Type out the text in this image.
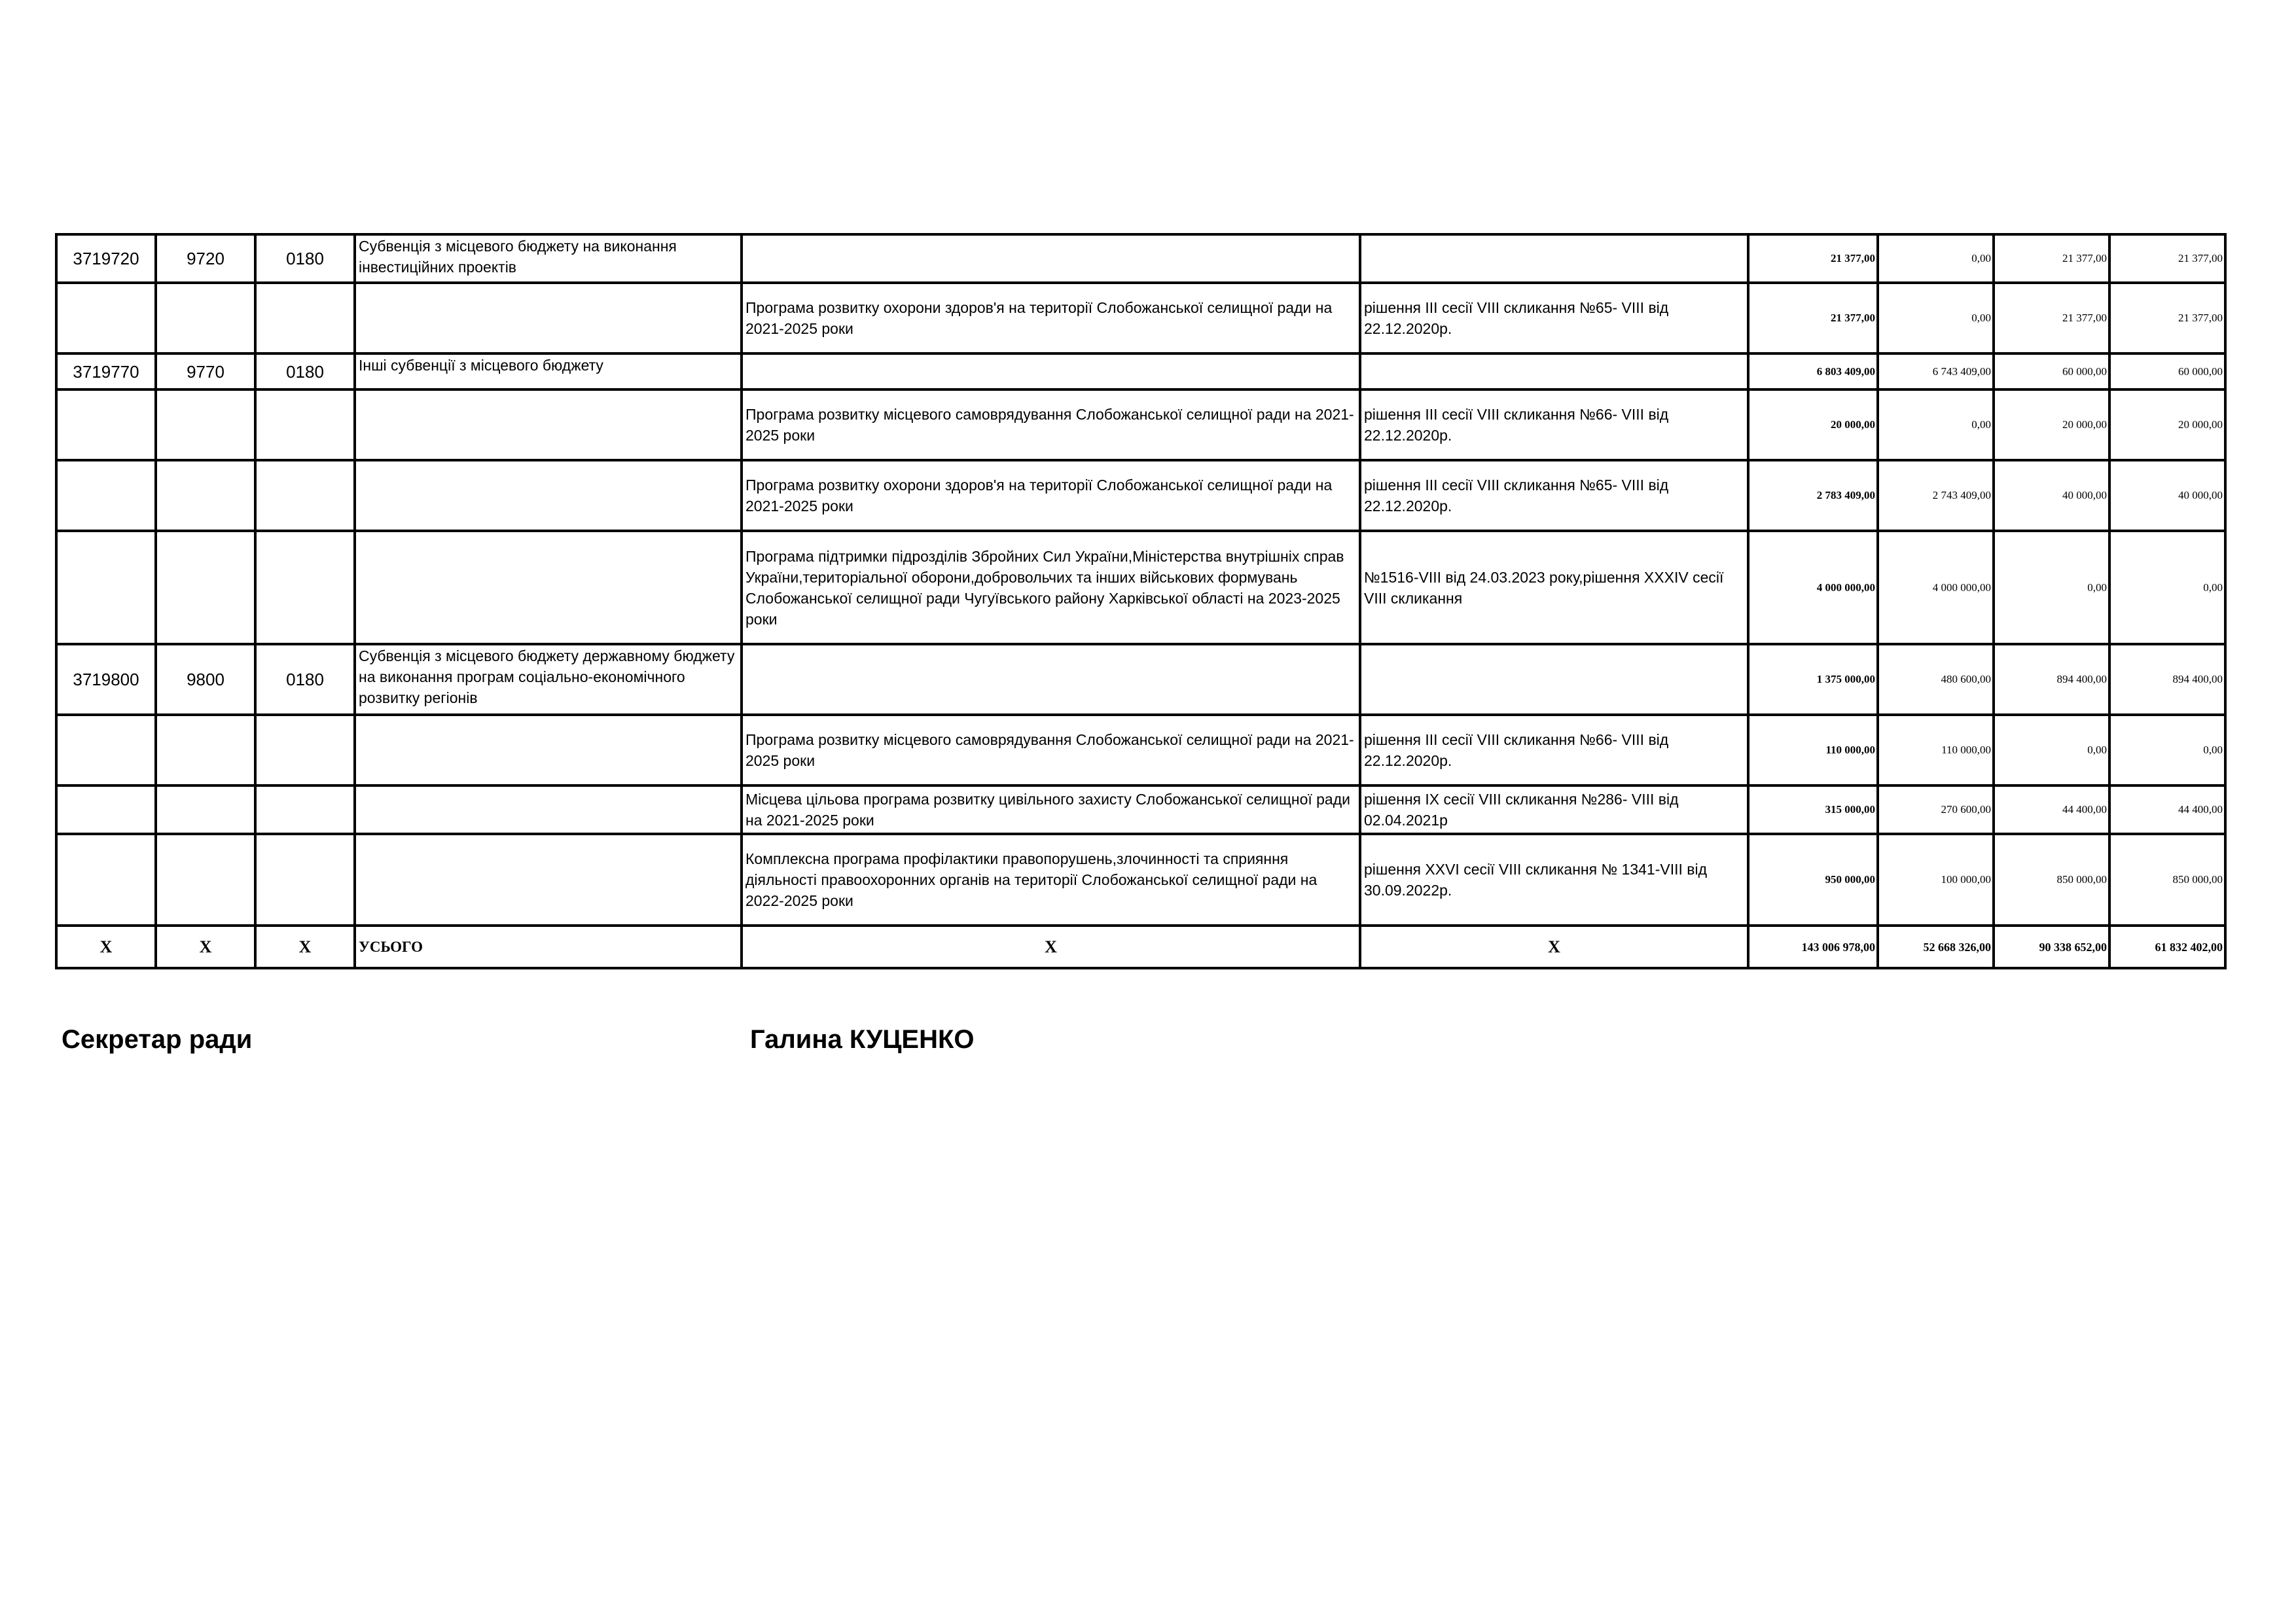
3719720	9720	0180	Субвенція з місцевого бюджету на виконання інвестиційних проектів			21 377,00	0,00	21 377,00	21 377,00
				Програма розвитку охорони здоров'я на території Слобожанської селищної ради на 2021-2025 роки	рішення III сесії VIII скликання №65- VIII від 22.12.2020р.	21 377,00	0,00	21 377,00	21 377,00
3719770	9770	0180	Інші субвенції з місцевого бюджету			6 803 409,00	6 743 409,00	60 000,00	60 000,00
				Програма розвитку місцевого самоврядування Слобожанської селищної ради на 2021-2025 роки	рішення III сесії VIII скликання №66- VIII від 22.12.2020р.	20 000,00	0,00	20 000,00	20 000,00
				Програма розвитку охорони здоров'я на території Слобожанської селищної ради на 2021-2025 роки	рішення III сесії VIII скликання №65- VIII від 22.12.2020р.	2 783 409,00	2 743 409,00	40 000,00	40 000,00
				Програма підтримки підрозділів Збройних Сил України,Міністерства внутрішніх справ України,територіальної оборони,добровольчих та інших військових формувань Слобожанської селищної ради Чугуївського району Харківської області на 2023-2025 роки	№1516-VIII від 24.03.2023 року,рішення XXXIV сесії VIII скликання	4 000 000,00	4 000 000,00	0,00	0,00
3719800	9800	0180	Субвенція з місцевого бюджету державному бюджету на виконання програм соціально-економічного розвитку регіонів			1 375 000,00	480 600,00	894 400,00	894 400,00
				Програма розвитку місцевого самоврядування Слобожанської селищної ради на 2021-2025 роки	рішення III сесії VIII скликання №66- VIII від 22.12.2020р.	110 000,00	110 000,00	0,00	0,00
				Місцева цільова програма розвитку цивільного захисту Слобожанської селищної ради на 2021-2025 роки	рішення IX сесії VIII скликання №286- VIII від 02.04.2021р	315 000,00	270 600,00	44 400,00	44 400,00
				Комплексна програма профілактики правопорушень,злочинності та сприяння діяльності правоохоронних органів на території Слобожанської селищної ради на 2022-2025 роки	рішення XXVI сесії VIII скликання № 1341-VIII від 30.09.2022р.	950 000,00	100 000,00	850 000,00	850 000,00
Х	Х	Х	УСЬОГО	Х	Х	143 006 978,00	52 668 326,00	90 338 652,00	61 832 402,00
Секретар ради	Галина КУЦЕНКО
